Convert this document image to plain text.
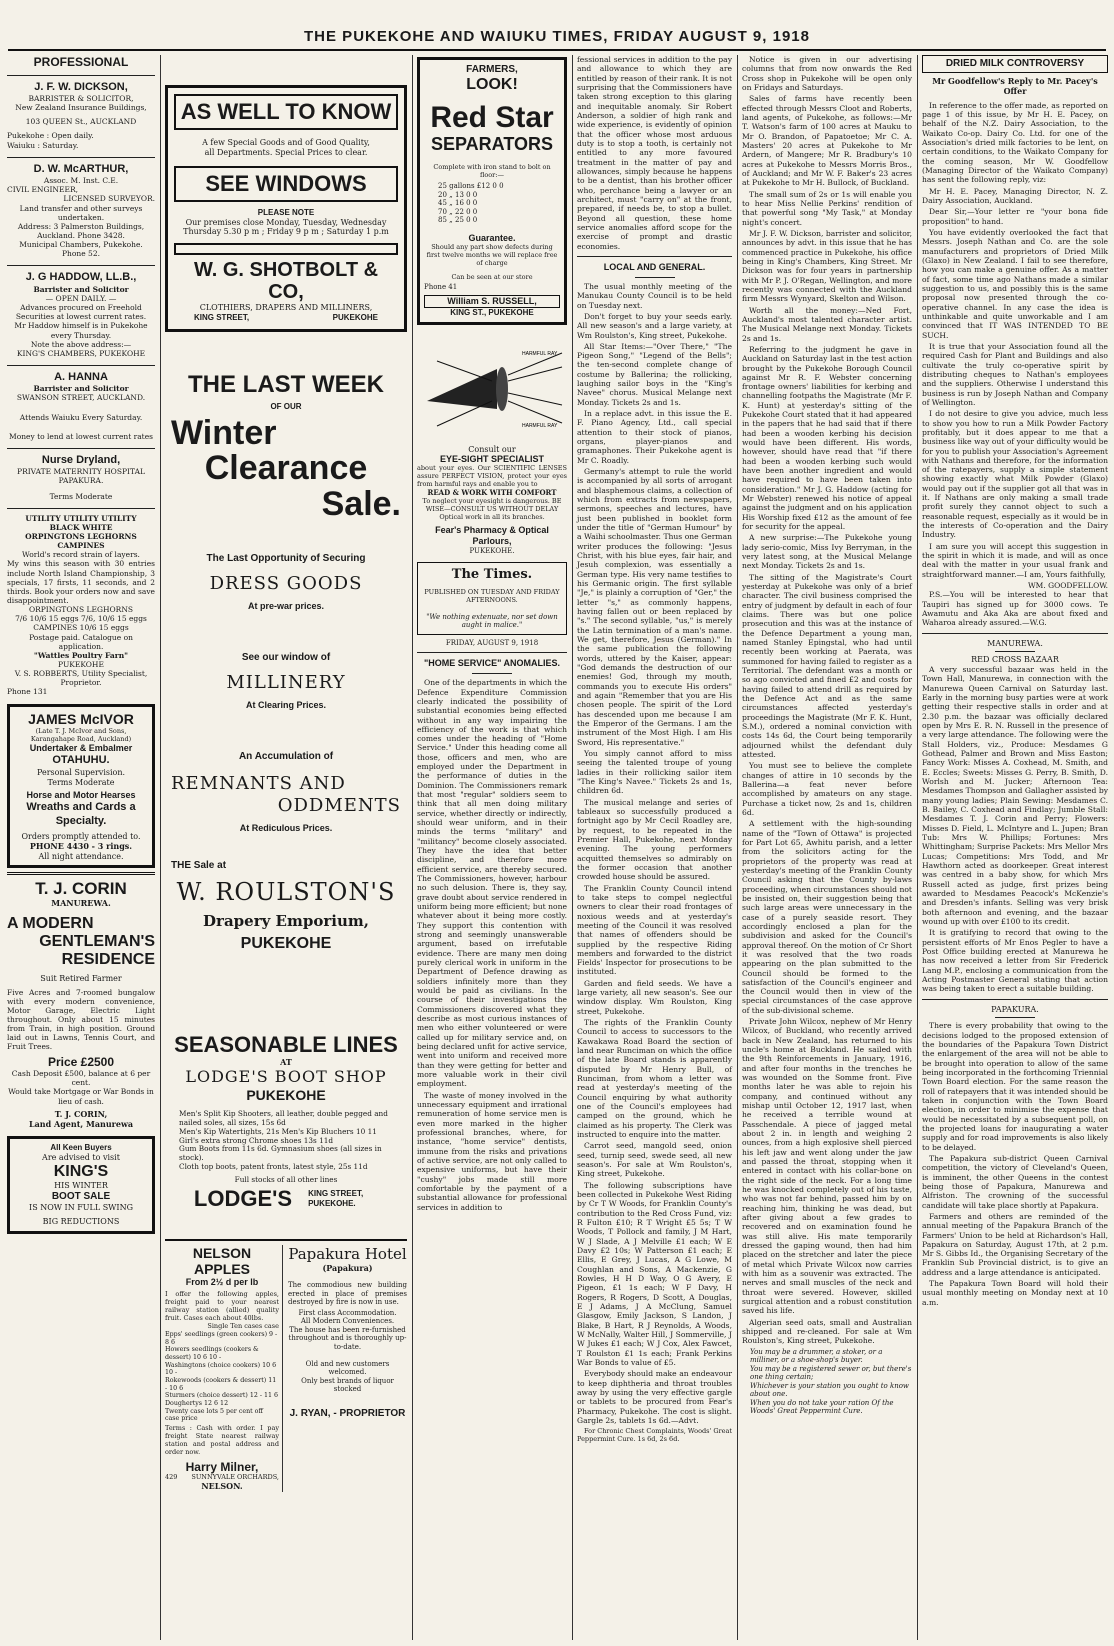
THE PUKEKOHE AND WAIUKU TIMES, FRIDAY AUGUST 9, 1918
PROFESSIONAL
J. F. W. DICKSON,
BARRISTER & SOLICITOR,
New Zealand Insurance Buildings,
103 QUEEN St., AUCKLAND
Pukekohe : Open daily.
Waiuku : Saturday.
D. W. McARTHUR,
Assoc. M. Inst. C.E.
CIVIL ENGINEER,
LICENSED SURVEYOR.
Land transfer and other surveys undertaken.
Address: 3 Palmerston Buildings, Auckland. Phone 3428.
Municipal Chambers, Pukekohe. Phone 52.
J. G HADDOW, LL.B.,
Barrister and Solicitor
— OPEN DAILY. —
Advances procured on Freehold Securities at lowest current rates.
Mr Haddow himself is in Pukekohe every Thursday.
Note the above address:—
KING'S CHAMBERS, PUKEKOHE
A. HANNA
Barrister and Solicitor
SWANSON STREET, AUCKLAND.
Attends Waiuku Every Saturday.
Money to lend at lowest current rates
Nurse Dryland,
PRIVATE MATERNITY HOSPITAL
PAPAKURA.
Terms Moderate
UTILITY UTILITY UTILITY
BLACK WHITE
ORPINGTONS LEGHORNS
CAMPINES
World's record strain of layers.
My wins this season with 30 entries include North Island Championship, 3 specials, 17 firsts, 11 seconds, and 2 thirds. Book your orders now and save disappointment.
ORPINGTONS LEGHORNS
7/6 10/6 15 eggs 7/6, 10/6 15 eggs
CAMPINES 10/6 15 eggs
Postage paid. Catalogue on application.
"Wattles Poultry Farn"
PUKEKOHE
V. S. ROBBERTS, Utility Specialist, Proprietor.
Phone 131
JAMES McIVOR
(Late T. J. McIvor and Sons, Karangahape Road, Auckland)
Undertaker & Embalmer
OTAHUHU.
Personal Supervision.
Terms Moderate
Horse and Motor Hearses
Wreaths and Cards a Specialty.
Orders promptly attended to.
PHONE 4430 - 3 rings.
All night attendance.
T. J. CORIN
MANUREWA.
A MODERN
GENTLEMAN'S
RESIDENCE
Suit Retired Farmer
Five Acres and 7-roomed bungalow with every modern convenience, Motor Garage, Electric Light throughout. Only about 15 minutes from Train, in high position. Ground laid out in Lawns, Tennis Court, and Fruit Trees.
Price £2500
Cash Deposit £500, balance at 6 per cent.
Would take Mortgage or War Bonds in lieu of cash.
T. J. CORIN,
Land Agent, Manurewa
All Keen Buyers
Are advised to visit
KING'S
HIS WINTER
BOOT SALE
IS NOW IN FULL SWING
BIG REDUCTIONS
AS WELL TO KNOW
A few Special Goods and of Good Quality,
all Departments. Special Prices to clear.
SEE WINDOWS
PLEASE NOTE
Our premises close Monday, Tuesday, Wednesday Thursday 5.30 p m ; Friday 9 p m ; Saturday 1 p.m
W. G. SHOTBOLT & CO,
CLOTHIERS, DRAPERS AND MILLINERS,
KING STREET,	PUKEKOHE
THE LAST WEEK
OF OUR
Winter
Clearance
Sale.
The Last Opportunity of Securing
DRESS GOODS
At pre-war prices.
See our window of
MILLINERY
At Clearing Prices.
An Accumulation of
REMNANTS AND
ODDMENTS
At Rediculous Prices.
THE Sale at
W. ROULSTON'S
Drapery Emporium,
PUKEKOHE
SEASONABLE LINES
AT
LODGE'S BOOT SHOP
PUKEKOHE
Men's Split Kip Shooters, all leather, double pegged and nailed soles, all sizes, 15s 6d
Men's Kip Watertights, 21s Men's Kip Bluchers 10 11
Girl's extra strong Chrome shoes 13s 11d
Gum Boots from 11s 6d. Gymnasium shoes (all sizes in stock).
Cloth top boots, patent fronts, latest style, 25s 11d
Full stocks of all other lines
LODGE'S KING STREET, PUKEKOHE.
NELSON APPLES
From 2½ d per lb
I offer the following apples, freight paid to your nearest railway station (allied) quality fruit. Cases each about 40lbs.
Single Ten cases case
Epps' seedlings (green cookers) 9 - 8 6
Howers seedlings (cookers & dessert) 10 6 10 -
Washingtons (choice cookers) 10 6 10 -
Rokewoods (cookers & dessert) 11 - 10 6
Sturmers (choice dessert) 12 - 11 6
Doughertys 12 6 12
Twenty case lots 5 per cent off
case price
Terms : Cash with order. I pay freight State nearest railway station and postal address and order now.
Harry Milner,
429 SUNNYVALE ORCHARDS,
NELSON.
Papakura Hotel
(Papakura)
The commodious new building erected in place of premises destroyed by fire is now in use.
First class Accommodation.
All Modern Conveniences.
The house has been re-furnished throughout and is thoroughly up-to-date.
Old and new customers welcomed.
Only best brands of liquor stocked
J. RYAN, - PROPRIETOR
FARMERS,
LOOK!
Red Star
SEPARATORS
Complete with iron stand to bolt on floor:—
25 gallons £12 0 0
20 „ 13 0 0
45 „ 16 0 0
70 „ 22 0 0
85 „ 25 0 0
Guarantee.
Should any part show defects during first twelve months we will replace free of charge
Can be seen at our store
Phone 41
William S. RUSSELL,
KING ST., PUKEKOHE
HARMFUL RAY
HARMFUL RAY
Consult our
EYE-SIGHT SPECIALIST
about your eyes. Our SCIENTIFIC LENSES assure PERFECT VISION, protect your eyes from harmful rays and enable you to
READ & WORK WITH COMFORT
To neglect your eyesight is dangerous. BE WISE—CONSULT US WITHOUT DELAY
Optical work in all its branches.
Fear's Pharmacy & Optical Parlours,
PUKEKOHE.
The Times.
PUBLISHED ON TUESDAY AND FRIDAY AFTERNOONS.
"We nothing extenuate, nor set down aught in malice."
FRIDAY, AUGUST 9, 1918
"HOME SERVICE" ANOMALIES.

One of the departments in which the Defence Expenditure Commission clearly indicated the possibility of substantial economies being effected without in any way impairing the efficiency of the work is that which comes under the heading of "Home Service." Under this heading come all those, officers and men, who are employed under the Department in the performance of duties in the Dominion. The Commissioners remark that most "regular" soldiers seem to think that all men doing military service, whether directly or indirectly, should wear uniform, and in their minds the terms "military" and "militancy" become closely associated. They have the idea that better discipline, and therefore more efficient service, are thereby secured. The Commissioners, however, harbour no such delusion. There is, they say, grave doubt about service rendered in uniform being more efficient; but none whatever about it being more costly. They support this contention with strong and seemingly unanswerable argument, based on irrefutable evidence. There are many men doing purely clerical work in uniform in the Department of Defence drawing as soldiers infinitely more than they would be paid as civilians. In the course of their investigations the Commissioners discovered what they describe as most curious instances of men who either volunteered or were called up for military service and, on being declared unfit for active service, went into uniform and received more than they were getting for better and more valuable work in their civil employment.

The waste of money involved in the unnecessary equipment and irrational remuneration of home service men is even more marked in the higher professional branches, where, for instance, "home service" dentists, immune from the risks and privations of active service, are not only called to expensive uniforms, but have their "cushy" jobs made still more comfortable by the payment of a substantial allowance for professional services in addition to

fessional services in addition to the pay and allowance to which they are entitled by reason of their rank. It is not surprising that the Commissioners have taken strong exception to this glaring and inequitable anomaly. Sir Robert Anderson, a soldier of high rank and wide experience, is evidently of opinion that the officer whose most arduous duty is to stop a tooth, is certainly not entitled to any more favoured treatment in the matter of pay and allowances, simply because he happens to be a dentist, than his brother officer who, perchance being a lawyer or an architect, must "carry on" at the front, prepared, if needs be, to stop a bullet. Beyond all question, these home service anomalies afford scope for the exercise of prompt and drastic economies.

LOCAL AND GENERAL.

The usual monthly meeting of the Manukau County Council is to be held on Tuesday next.

Don't forget to buy your seeds early. All new season's and a large variety, at Wm Roulston's, King street, Pukekohe.

All Star Items:—"Over There," "The Pigeon Song," "Legend of the Bells"; the ten-second complete change of costume by Ballerina; the rollicking, laughing sailor boys in the "King's Navee" chorus. Musical Melange next Monday. Tickets 2s and 1s.

In a replace advt. in this issue the E. F. Piano Agency, Ltd., call special attention to their stock of pianos, organs, player-pianos and gramaphones. Their Pukekohe agent is Mr C. Roadly.

Germany's attempt to rule the world is accompanied by all sorts of arrogant and blasphemous claims, a collection of which from extracts from newspapers, sermons, speeches and lectures, have just been published in booklet form under the title of "German Humour" by a Waihi schoolmaster. Thus one German writer produces the following: "Jesus Christ, with his blue eyes, fair hair, and Jesuh complexion, was essentially a German type. His very name testifies to his Germanic origin. The first syllable "Je," is plainly a corruption of "Ger," the letter "s," as commonly happens, having fallen out or been replaced by "s." The second syllable, "us," is merely the Latin termination of a man's name. We get, therefore, Jesus (German)." In the same publication the following words, uttered by the Kaiser, appear: "God demands the destruction of our enemies! God, through my mouth, commands you to execute His orders" and again "Remember that you are His chosen people. The spirit of the Lord has descended upon me because I am the Emperor of the Germans. I am the instrument of the Most High. I am His Sword, His representative."

You simply cannot afford to miss seeing the talented troupe of young ladies in their rollicking sailor item "The King's Navee." Tickets 2s and 1s, children 6d.

The musical melange and series of tableaux so successfully produced a fortnight ago by Mr Cecil Roadley are, by request, to be repeated in the Premier Hall, Pukekohe, next Monday evening. The young performers acquitted themselves so admirably on the former occasion that another crowded house should be assured.

The Franklin County Council intend to take steps to compel neglectful owners to clear their road frontages of noxious weeds and at yesterday's meeting of the Council it was resolved that names of offenders should be supplied by the respective Riding members and forwarded to the district Fields' Inspector for prosecutions to be instituted.

Garden and field seeds. We have a large variety, all new season's. See our window display. Wm Roulston, King street, Pukekohe.

The rights of the Franklin County Council to access to successors to the Kawakawa Road Board the section of land near Runciman on which the office of the late Board stands is apparently disputed by Mr Henry Bull, of Runciman, from whom a letter was read at yesterday's meeting of the Council enquiring by what authority one of the Council's employees had camped on the ground, which he claimed as his property. The Clerk was instructed to enquire into the matter.

Carrot seed, mangold seed, onion seed, turnip seed, swede seed, all new season's. For sale at Wm Roulston's, King street, Pukekohe.

The following subscriptions have been collected in Pukekohe West Riding by Cr T W Woods, for Franklin County's contribution to the Red Cross Fund, viz: R Fulton £10; R T Wright £5 5s; T W Woods, T Pollock and family, J M Hart, W J Slade, A J Melville £1 each; W E Davy £2 10s; W Patterson £1 each; E Ellis, E Grey, J Lucas, A G Lowe, M Coughlan and Sons, A Mackenzie, G Rowles, H H D Way, O G Avery, E Pigeon, £1 1s each; W F Davy, H Rogers, R Rogers, D Scott, A Douglas, E J Adams, J A McClung, Samuel Glasgow, Emily Jackson, S Landon, J Blake, B Hart, R J Reynolds, A Woods, W McNally, Walter Hill, J Sommerville, J W Jukes £1 each; W J Cox, Alex Fawcet, T Roulston £1 1s each; Frank Perkins War Bonds to value of £5.

Everybody should make an endeavour to keep diphtheria and throat troubles away by using the very effective gargle or tablets to be procured from Fear's Pharmacy, Pukekohe. The cost is slight. Gargle 2s, tablets 1s 6d.—Advt.

For Chronic Chest Complaints, Woods' Great Peppermint Cure. 1s 6d, 2s 6d.

Notice is given in our advertising columns that from now onwards the Red Cross shop in Pukekohe will be open only on Fridays and Saturdays.

Sales of farms have recently been effected through Messrs Cloot and Roberts, land agents, of Pukekohe, as follows:—Mr T. Watson's farm of 100 acres at Mauku to Mr O. Brandon, of Papatoetoe; Mr C. A. Masters' 20 acres at Pukekohe to Mr Ardern, of Mangere; Mr R. Bradbury's 10 acres at Pukekohe to Messrs Morris Bros., of Auckland; and Mr W. F. Baker's 23 acres at Pukekohe to Mr H. Bullock, of Buckland.

The small sum of 2s or 1s will enable you to hear Miss Nellie Perkins' rendition of that powerful song "My Task," at Monday night's concert.

Mr J. F. W. Dickson, barrister and solicitor, announces by advt. in this issue that he has commenced practice in Pukekohe, his office being in King's Chambers, King Street. Mr Dickson was for four years in partnership with Mr P. J. O'Regan, Wellington, and more recently was connected with the Auckland firm Messrs Wynyard, Skelton and Wilson.

Worth all the money:—Ned Fort, Auckland's most talented character artist. The Musical Melange next Monday. Tickets 2s and 1s.

Referring to the judgment he gave in Auckland on Saturday last in the test action brought by the Pukekohe Borough Council against Mr R. F. Webster concerning frontage owners' liabilities for kerbing and channelling footpaths the Magistrate (Mr F. K. Hunt) at yesterday's sitting of the Pukekohe Court stated that it had appeared in the papers that he had said that if there had been a wooden kerbing his decision would have been different. His words, however, should have read that "if there had been a wooden kerbing such would have been another ingredient and would have required to have been taken into consideration." Mr J. G. Haddow (acting for Mr Webster) renewed his notice of appeal against the judgment and on his application His Worship fixed £12 as the amount of fee for security for the appeal.

A new surprise:—The Pukekohe young lady serio-comic, Miss Ivy Berryman, in the very latest song, at the Musical Melange next Monday. Tickets 2s and 1s.

The sitting of the Magistrate's Court yesterday at Pukekohe was only of a brief character. The civil business comprised the entry of judgment by default in each of four claims. There was but one police prosecution and this was at the instance of the Defence Department a young man, named Stanley Epingstal, who had until recently been working at Paerata, was summoned for having failed to register as a Territorial. The defendant was a month or so ago convicted and fined £2 and costs for having failed to attend drill as required by the Defence Act and as the same circumstances affected yesterday's proceedings the Magistrate (Mr F. K. Hunt, S.M.), ordered a nominal conviction with costs 14s 6d, the Court being temporarily adjourned whilst the defendant duly attested.

You must see to believe the complete changes of attire in 10 seconds by the Ballerina—a feat never before accomplished by amateurs on any stage. Purchase a ticket now, 2s and 1s, children 6d.

A settlement with the high-sounding name of the "Town of Ottawa" is projected for Part Lot 65, Awhitu parish, and a letter from the solicitors acting for the proprietors of the property was read at yesterday's meeting of the Franklin County Council asking that the County by-laws proceeding, when circumstances should not be insisted on, their suggestion being that such large areas were unnecessary in the case of a purely seaside resort. They accordingly enclosed a plan for the subdivision and asked for the Council's approval thereof. On the motion of Cr Short it was resolved that the two roads appearing on the plan submitted to the Council should be formed to the satisfaction of the Council's engineer and the Council would then in view of the special circumstances of the case approve of the sub-divisional scheme.

Private John Wilcox, nephew of Mr Henry Wilcox, of Buckland, who recently arrived back in New Zealand, has returned to his uncle's home at Buckland. He sailed with the 9th Reinforcements in January, 1916, and after four months in the trenches he was wounded on the Somme front. Five months later he was able to rejoin his company, and continued without any mishap until October 12, 1917 last, when he received a terrible wound at Passchendale. A piece of jagged metal about 2 in. in length and weighing 2 ounces, from a high explosive shell pierced his left jaw and went along under the jaw and passed the throat, stopping when it entered in contact with his collar-bone on the right side of the neck. For a long time he was knocked completely out of his taste, who was not far behind, passed him by on reaching him, thinking he was dead, but after giving about a few grades to recovered and on examination found he was still alive. His mate temporarily dressed the gaping wound, then had him placed on the stretcher and later the piece of metal which Private Wilcox now carries with him as a souvenir was extracted. The nerves and small muscles of the neck and throat were severed. However, skilled surgical attention and a robust constitution saved his life.

Algerian seed oats, small and Australian shipped and re-cleaned. For sale at Wm Roulston's, King street, Pukekohe.

You may be a drummer, a stoker, or a milliner, or a shoe-shop's buyer.
You may be a registered sewer or, but there's one thing certain;
Whichever is your station you ought to know about one.
When you do not take your ration Of the Woods' Great Peppermint Cure.
DRIED MILK CONTROVERSY
Mr Goodfellow's Reply to Mr. Pacey's Offer

In reference to the offer made, as reported on page 1 of this issue, by Mr H. E. Pacey, on behalf of the N.Z. Dairy Association, to the Waikato Co-op. Dairy Co. Ltd. for one of the Association's dried milk factories to be lent, on certain conditions, to the Waikato Company for the coming season, Mr W. Goodfellow (Managing Director of the Waikato Company) has sent the following reply, viz:

Mr H. E. Pacey, Managing Director, N. Z. Dairy Association, Auckland.

Dear Sir,—Your letter re "your bona fide proposition" to hand.

You have evidently overlooked the fact that Messrs. Joseph Nathan and Co. are the sole manufacturers and proprietors of Dried Milk (Glaxo) in New Zealand. I fail to see therefore, how you can make a genuine offer. As a matter of fact, some time ago Nathans made a similar suggestion to us, and possibly this is the same proposal now presented through the co-operative channel. In any case the idea is unthinkable and quite unworkable and I am convinced that IT WAS INTENDED TO BE SUCH.

It is true that your Association found all the required Cash for Plant and Buildings and also cultivate the truly co-operative spirit by distributing cheques to Nathan's employees and the suppliers. Otherwise I understand this business is run by Joseph Nathan and Company of Wellington.

I do not desire to give you advice, much less to show you how to run a Milk Powder Factory profitably, but it does appear to me that a business like way out of your difficulty would be for you to publish your Association's Agreement with Nathans and therefore, for the information of the ratepayers, supply a simple statement showing exactly what Milk Powder (Glaxo) would pay out if the supplier got all that was in it. If Nathans are only making a small trade profit surely they cannot object to such a reasonable request, especially as it would be in the interests of Co-operation and the Dairy Industry.

I am sure you will accept this suggestion in the spirit in which it is made, and will as once deal with the matter in your usual frank and straightforward manner.—I am, Yours faithfully,

WM. GOODFELLOW.

P.S.—You will be interested to hear that Taupiri has signed up for 3000 cows. Te Awamutu and Aka Aka are about fixed and Waharoa already assured.—W.G.

MANUREWA.
RED CROSS BAZAAR

A very successful bazaar was held in the Town Hall, Manurewa, in connection with the Manurewa Queen Carnival on Saturday last. Early in the morning busy parties were at work getting their respective stalls in order and at 2.30 p.m. the bazaar was officially declared open by Mrs E. R. N. Russell in the presence of a very large attendance. The following were the Stall Holders, viz., Produce: Mesdames G Gothead, Palmer and Brown and Miss Easton; Fancy Work: Misses A. Coxhead, M. Smith, and E. Eccles; Sweets: Misses G. Perry, B. Smith, D. Worlsh and M. Jucker; Afternoon Tea: Mesdames Thompson and Gallagher assisted by many young ladies; Plain Sewing: Mesdames C. B. Bailey, C. Coxhead and Findlay; Jumble Stall: Mesdames T. J. Corin and Perry; Flowers: Misses D. Field, L. McIntyre and L. Jupen; Bran Tub: Mrs W. Phillips; Fortunes: Mrs Whittingham; Surprise Packets: Mrs Mellor Mrs Lucas; Competitions: Mrs Todd, and Mr Hawthorn acted as doorkeeper. Great interest was centred in a baby show, for which Mrs Russell acted as judge, first prizes being awarded to Mesdames Peacock's McKenzie's and Dresden's infants. Selling was very brisk both afternoon and evening, and the bazaar wound up with over £100 to its credit.

It is gratifying to record that owing to the persistent efforts of Mr Enos Pegler to have a Post Office building erected at Manurewa he has now received a letter from Sir Frederick Lang M.P., enclosing a communication from the Acting Postmaster General stating that action was being taken to erect a suitable building.

PAPAKURA.

There is every probability that owing to the decisions lodged to the proposed extension of the boundaries of the Papakura Town District the enlargement of the area will not be able to be brought into operation to allow of the same being incorporated in the forthcoming Triennial Town Board election. For the same reason the roll of ratepayers that it was intended should be taken in conjunction with the Town Board election, in order to minimise the expense that would be necessitated by a subsequent poll, on the projected loans for inaugurating a water supply and for road improvements is also likely to be delayed.

The Papakura sub-district Queen Carnival competition, the victory of Cleveland's Queen, is imminent, the other Queens in the contest being those of Papakura, Manurewa and Alfriston. The crowning of the successful candidate will take place shortly at Papakura.

Farmers and others are reminded of the annual meeting of the Papakura Branch of the Farmers' Union to be held at Richardson's Hall, Papakura on Saturday, August 17th, at 2 p.m. Mr S. Gibbs Id., the Organising Secretary of the Franklin Sub Provincial district, is to give an address and a large attendance is anticipated.

The Papakura Town Board will hold their usual monthly meeting on Monday next at 10 a.m.
